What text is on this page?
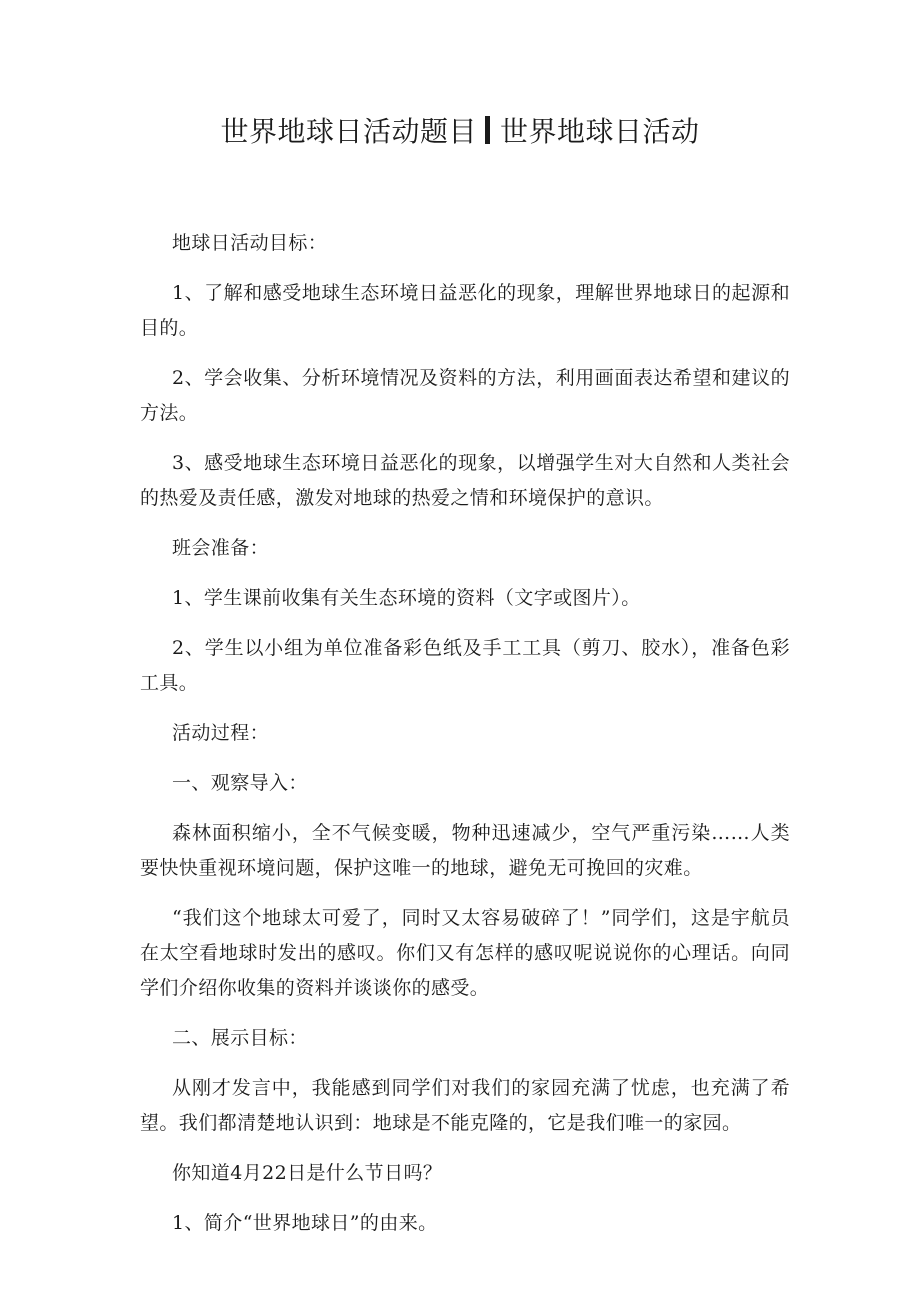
世界地球日活动题目 世界地球日活动

地球日活动目标：

1、了解和感受地球生态环境日益恶化的现象，理解世界地球日的起源和目的。

2、学会收集、分析环境情况及资料的方法，利用画面表达希望和建议的方法。

3、感受地球生态环境日益恶化的现象，以增强学生对大自然和人类社会的热爱及责任感，激发对地球的热爱之情和环境保护的意识。

班会准备：

1、学生课前收集有关生态环境的资料（文字或图片）。

2、学生以小组为单位准备彩色纸及手工工具（剪刀、胶水），准备色彩工具。

活动过程：

一、观察导入：

森林面积缩小，全不气候变暖，物种迅速减少，空气严重污染……人类要快快重视环境问题，保护这唯一的地球，避免无可挽回的灾难。

“我们这个地球太可爱了，同时又太容易破碎了！”同学们，这是宇航员在太空看地球时发出的感叹。你们又有怎样的感叹呢说说你的心理话。向同学们介绍你收集的资料并谈谈你的感受。

二、展示目标：

从刚才发言中，我能感到同学们对我们的家园充满了忧虑，也充满了希望。我们都清楚地认识到：地球是不能克隆的，它是我们唯一的家园。

你知道4月22日是什么节日吗？

1、简介“世界地球日”的由来。
